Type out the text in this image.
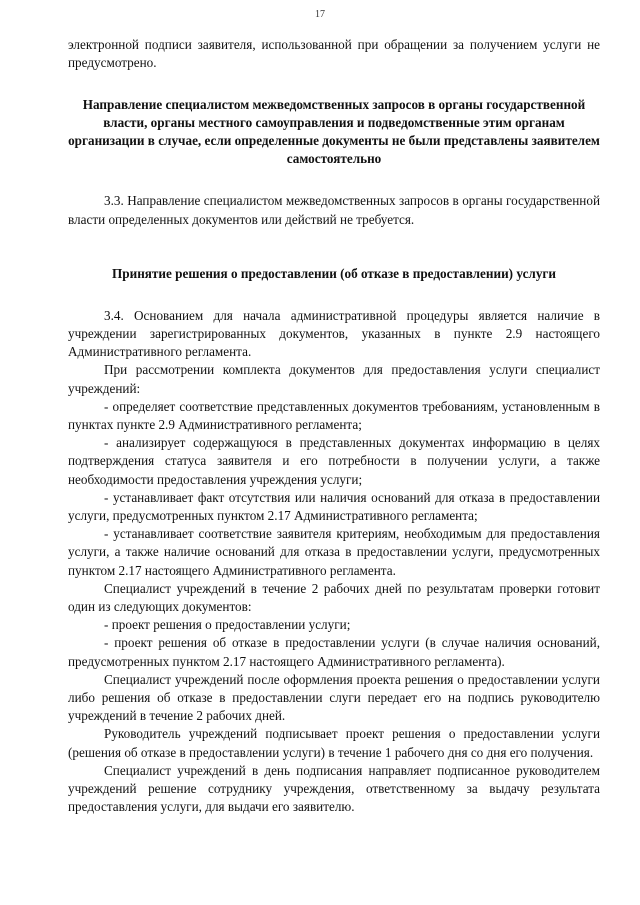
17

электронной подписи заявителя, использованной при обращении за получением услуги не предусмотрено.

Направление специалистом межведомственных запросов в органы государственной власти, органы местного самоуправления и подведомственные этим органам организации в случае, если определенные документы не были представлены заявителем самостоятельно

3.3. Направление специалистом межведомственных запросов в органы государственной власти определенных документов или действий не требуется.

Принятие решения о предоставлении (об отказе в предоставлении) услуги

3.4. Основанием для начала административной процедуры является наличие в учреждении зарегистрированных документов, указанных в пункте 2.9 настоящего Административного регламента.

При рассмотрении комплекта документов для предоставления услуги специалист учреждений:

- определяет соответствие представленных документов требованиям, установленным в пунктах пункте 2.9 Административного регламента;

- анализирует содержащуюся в представленных документах информацию в целях подтверждения статуса заявителя и его потребности в получении услуги, а также необходимости предоставления учреждения услуги;

- устанавливает факт отсутствия или наличия оснований для отказа в предоставлении услуги, предусмотренных пунктом 2.17 Административного регламента;

- устанавливает соответствие заявителя критериям, необходимым для предоставления услуги, а также наличие оснований для отказа в предоставлении услуги, предусмотренных пунктом 2.17 настоящего Административного регламента.

Специалист учреждений в течение 2 рабочих дней по результатам проверки готовит один из следующих документов:

- проект решения о предоставлении услуги;

- проект решения об отказе в предоставлении услуги (в случае наличия оснований, предусмотренных пунктом 2.17 настоящего Административного регламента).

Специалист учреждений после оформления проекта решения о предоставлении услуги либо решения об отказе в предоставлении слуги передает его на подпись руководителю учреждений в течение 2 рабочих дней.

Руководитель учреждений подписывает проект решения о предоставлении услуги (решения об отказе в предоставлении услуги) в течение 1 рабочего дня со дня его получения.

Специалист учреждений в день подписания направляет подписанное руководителем учреждений решение сотруднику учреждения, ответственному за выдачу результата предоставления услуги, для выдачи его заявителю.
